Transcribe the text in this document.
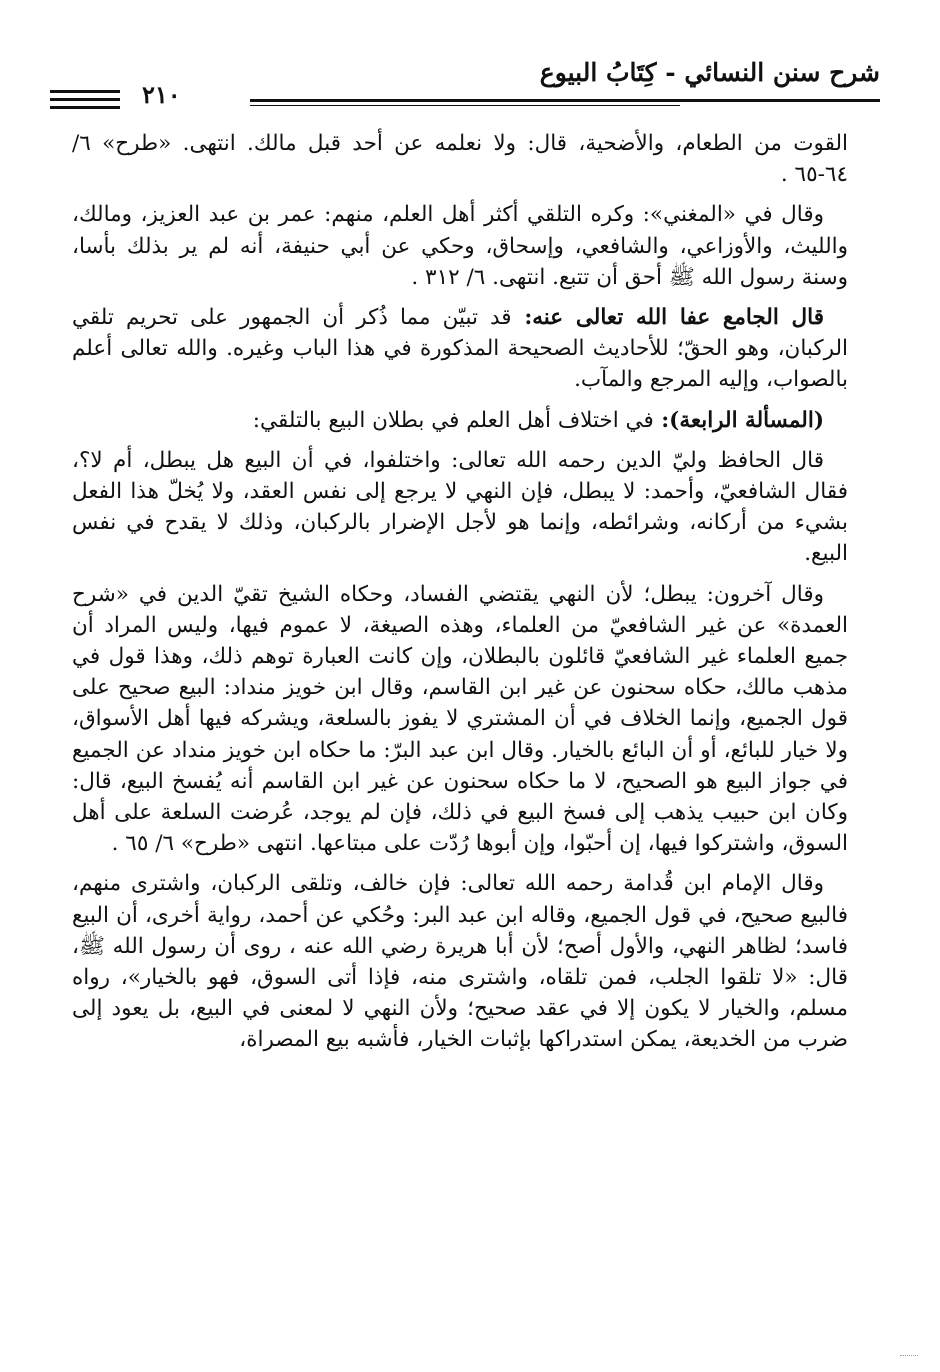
شرح سنن النسائي - كِتَابُ البيوع
٢١٠

القوت من الطعام، والأضحية، قال: ولا نعلمه عن أحد قبل مالك. انتهى. «طرح» ٦/ ٦٤-٦٥ .

وقال في «المغني»: وكره التلقي أكثر أهل العلم، منهم: عمر بن عبد العزيز، ومالك، والليث، والأوزاعي، والشافعي، وإسحاق، وحكي عن أبي حنيفة، أنه لم ير بذلك بأسا، وسنة رسول الله ﷺ أحق أن تتبع. انتهى. ٦/ ٣١٢ .

قال الجامع عفا الله تعالى عنه: قد تبيّن مما ذُكر أن الجمهور على تحريم تلقي الركبان، وهو الحقّ؛ للأحاديث الصحيحة المذكورة في هذا الباب وغيره. والله تعالى أعلم بالصواب، وإليه المرجع والمآب.

(المسألة الرابعة): في اختلاف أهل العلم في بطلان البيع بالتلقي:

قال الحافظ وليّ الدين رحمه الله تعالى: واختلفوا، في أن البيع هل يبطل، أم لا؟، فقال الشافعيّ، وأحمد: لا يبطل، فإن النهي لا يرجع إلى نفس العقد، ولا يُخلّ هذا الفعل بشيء من أركانه، وشرائطه، وإنما هو لأجل الإضرار بالركبان، وذلك لا يقدح في نفس البيع.

وقال آخرون: يبطل؛ لأن النهي يقتضي الفساد، وحكاه الشيخ تقيّ الدين في «شرح العمدة» عن غير الشافعيّ من العلماء، وهذه الصيغة، لا عموم فيها، وليس المراد أن جميع العلماء غير الشافعيّ قائلون بالبطلان، وإن كانت العبارة توهم ذلك، وهذا قول في مذهب مالك، حكاه سحنون عن غير ابن القاسم، وقال ابن خويز منداد: البيع صحيح على قول الجميع، وإنما الخلاف في أن المشتري لا يفوز بالسلعة، ويشركه فيها أهل الأسواق، ولا خيار للبائع، أو أن البائع بالخيار. وقال ابن عبد البرّ: ما حكاه ابن خويز منداد عن الجميع في جواز البيع هو الصحيح، لا ما حكاه سحنون عن غير ابن القاسم أنه يُفسخ البيع، قال: وكان ابن حبيب يذهب إلى فسخ البيع في ذلك، فإن لم يوجد، عُرضت السلعة على أهل السوق، واشتركوا فيها، إن أحبّوا، وإن أبوها رُدّت على مبتاعها. انتهى «طرح» ٦/ ٦٥ .

وقال الإمام ابن قُدامة رحمه الله تعالى: فإن خالف، وتلقى الركبان، واشترى منهم، فالبيع صحيح، في قول الجميع، وقاله ابن عبد البر: وحُكي عن أحمد، رواية أخرى، أن البيع فاسد؛ لظاهر النهي، والأول أصح؛ لأن أبا هريرة رضي الله عنه ، روى أن رسول الله ﷺ، قال: «لا تلقوا الجلب، فمن تلقاه، واشترى منه، فإذا أتى السوق، فهو بالخيار»، رواه مسلم، والخيار لا يكون إلا في عقد صحيح؛ ولأن النهي لا لمعنى في البيع، بل يعود إلى ضرب من الخديعة، يمكن استدراكها بإثبات الخيار، فأشبه بيع المصراة،
